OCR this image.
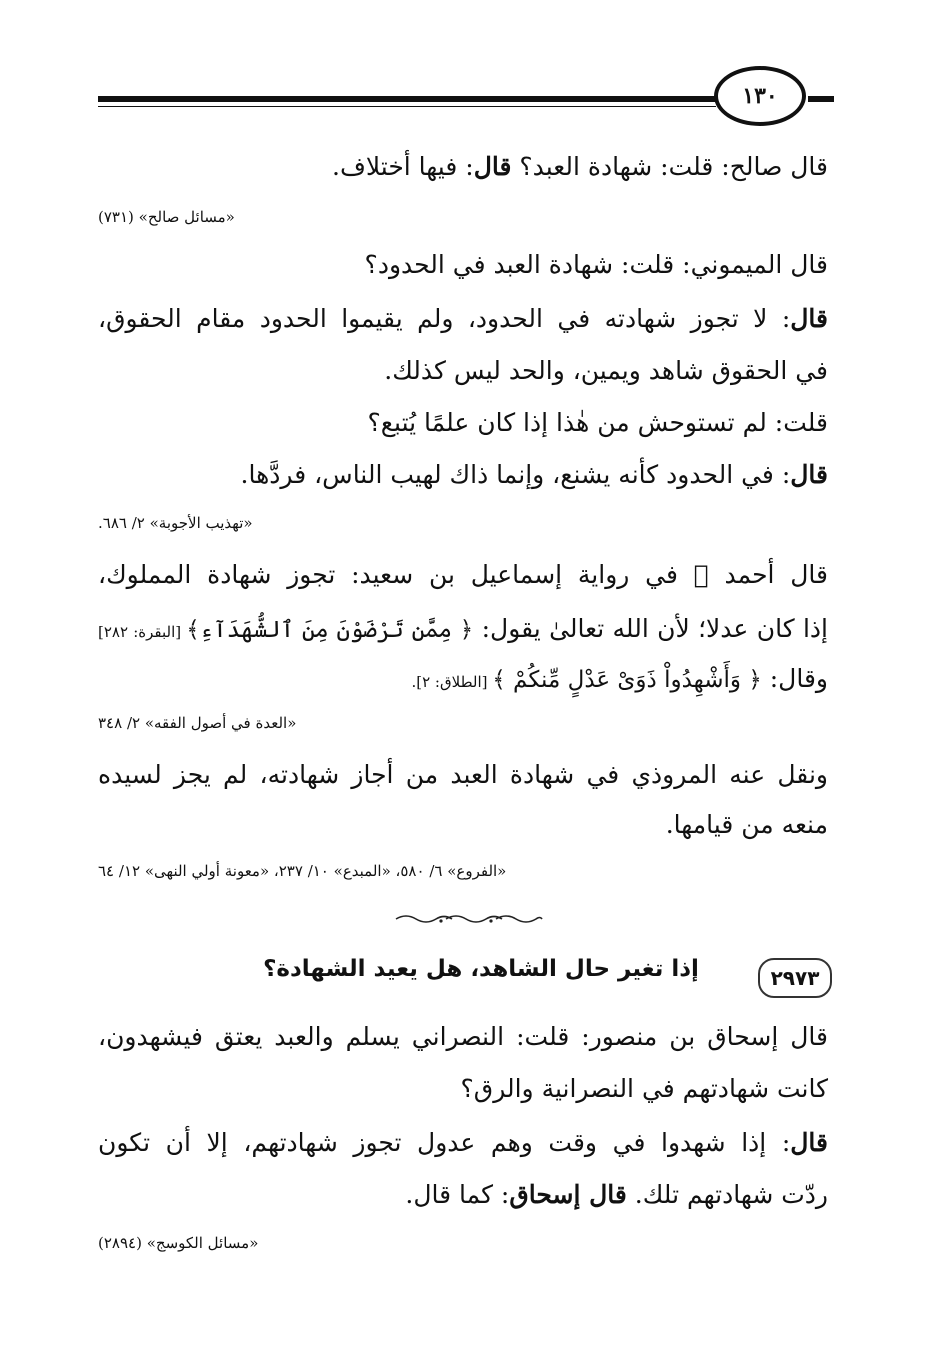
١٣٠
قال صالح: قلت: شهادة العبد؟ قال: فيها أختلاف.
«مسائل صالح» (٧٣١)
قال الميموني: قلت: شهادة العبد في الحدود؟
قال: لا تجوز شهادته في الحدود، ولم يقيموا الحدود مقام الحقوق،
في الحقوق شاهد ويمين، والحد ليس كذلك.
قلت: لم تستوحش من هٰذا إذا كان علمًا يُتبع؟
قال: في الحدود كأنه يشنع، وإنما ذاك لهيب الناس، فردَّها.
«تهذيب الأجوبة» ٢/ ٦٨٦.
قال أحمد ﷫ في رواية إسماعيل بن سعيد: تجوز شهادة المملوك،
إذا كان عدلا؛ لأن الله تعالىٰ يقول: ﴿ مِمَّن تَرْضَوْنَ مِنَ ٱلشُّهَدَآءِ﴾ [البقرة: ٢٨٢]
وقال: ﴿ وَأَشْهِدُواْ ذَوَىْ عَدْلٍ مِّنكُمْ ﴾ [الطلاق: ٢].
«العدة في أصول الفقه» ٢/ ٣٤٨
ونقل عنه المروذي في شهادة العبد من أجاز شهادته، لم يجز لسيده
منعه من قيامها.
«الفروع» ٦/ ٥٨٠، «المبدع» ١٠/ ٢٣٧، «معونة أولي النهى» ١٢/ ٦٤
٢٩٧٣
إذا تغير حال الشاهد، هل يعيد الشهادة؟
قال إسحاق بن منصور: قلت: النصراني يسلم والعبد يعتق فيشهدون،
كانت شهادتهم في النصرانية والرق؟
قال: إذا شهدوا في وقت وهم عدول تجوز شهادتهم، إلا أن تكون
ردّت شهادتهم تلك. قال إسحاق: كما قال.
«مسائل الكوسج» (٢٨٩٤)
